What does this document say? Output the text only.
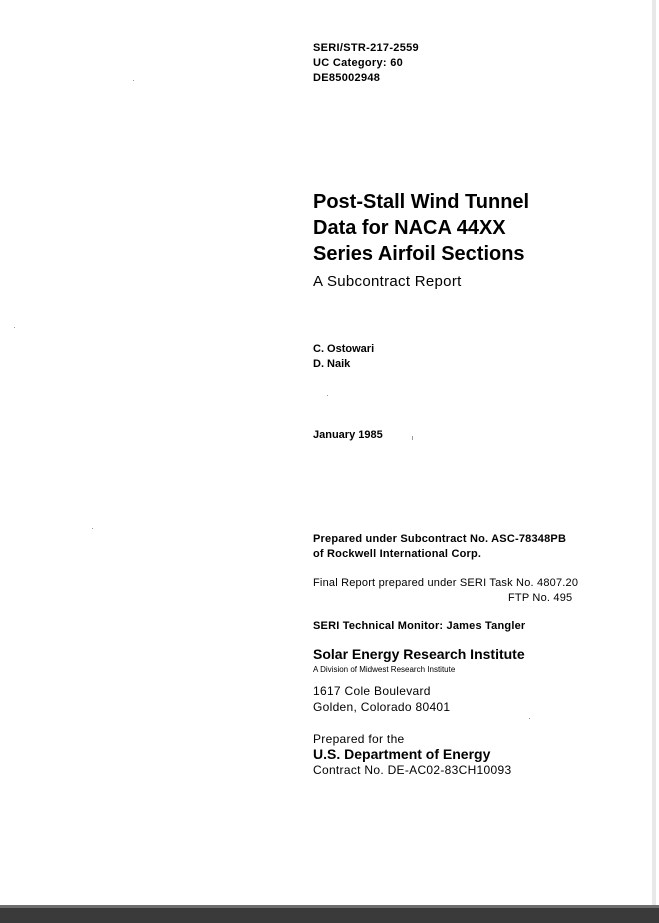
SERI/STR-217-2559
UC Category: 60
DE85002948
Post-Stall Wind Tunnel
Data for NACA 44XX
Series Airfoil Sections
A Subcontract Report
C. Ostowari
D. Naik
January 1985
Prepared under Subcontract No. ASC-78348PB
of Rockwell International Corp.
Final Report prepared under SERI Task No. 4807.20
FTP No. 495
SERI Technical Monitor: James Tangler
Solar Energy Research Institute
A Division of Midwest Research Institute
1617 Cole Boulevard
Golden, Colorado 80401
Prepared for the
U.S. Department of Energy
Contract No. DE-AC02-83CH10093
